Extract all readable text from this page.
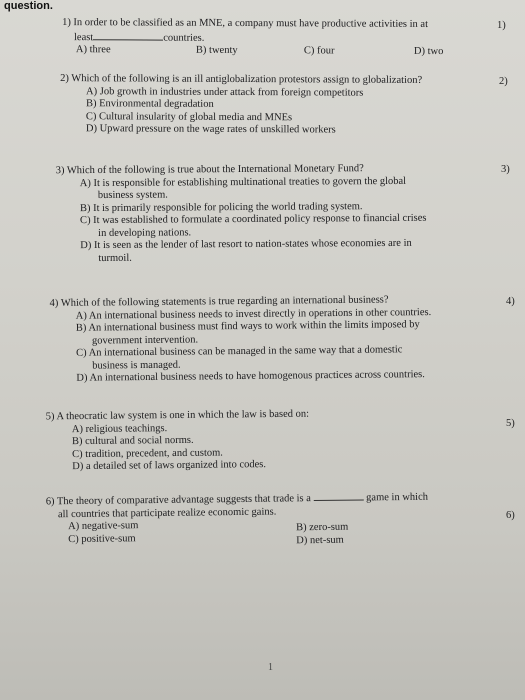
question.
1) In order to be classified as an MNE, a company must have productive activities in at
least	countries.
A) three	B) twenty	C) four	D) two
1)
2) Which of the following is an ill antiglobalization protestors assign to globalization?
A) Job growth in industries under attack from foreign competitors
B) Environmental degradation
C) Cultural insularity of global media and MNEs
D) Upward pressure on the wage rates of unskilled workers
2)
3) Which of the following is true about the International Monetary Fund?
A) It is responsible for establishing multinational treaties to govern the global
business system.
B) It is primarily responsible for policing the world trading system.
C) It was established to formulate a coordinated policy response to financial crises
in developing nations.
D) It is seen as the lender of last resort to nation-states whose economies are in
turmoil.
3)
4) Which of the following statements is true regarding an international business?
A) An international business needs to invest directly in operations in other countries.
B) An international business must find ways to work within the limits imposed by
government intervention.
C) An international business can be managed in the same way that a domestic
business is managed.
D) An international business needs to have homogenous practices across countries.
4)
5) A theocratic law system is one in which the law is based on:
A) religious teachings.
B) cultural and social norms.
C) tradition, precedent, and custom.
D) a detailed set of laws organized into codes.
5)
6) The theory of comparative advantage suggests that trade is a	game in which
all countries that participate realize economic gains.
A) negative-sum	B) zero-sum
C) positive-sum	D) net-sum
6)
1
